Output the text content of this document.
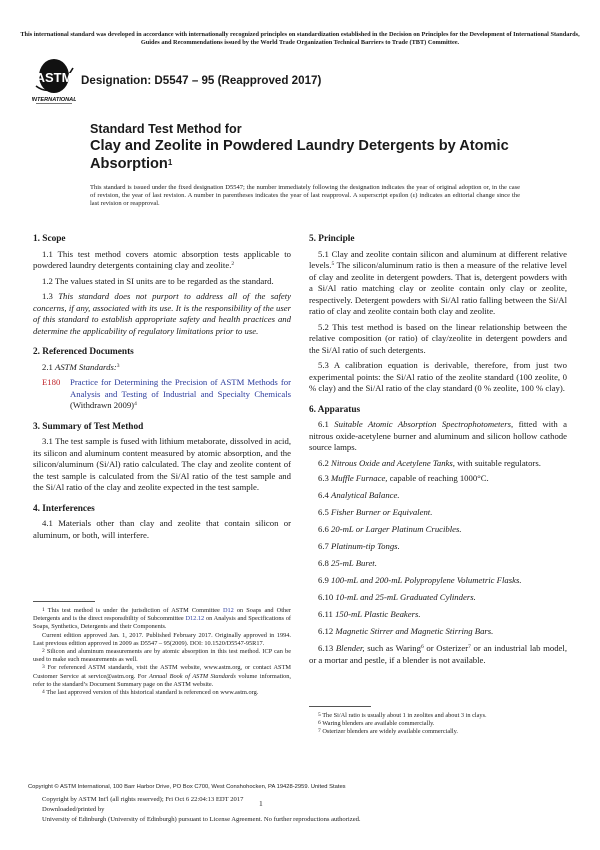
This international standard was developed in accordance with internationally recognized principles on standardization established in the Decision on Principles for the Development of International Standards, Guides and Recommendations issued by the World Trade Organization Technical Barriers to Trade (TBT) Committee.
ASTM
INTERNATIONAL
Designation: D5547 – 95 (Reapproved 2017)
Standard Test Method for
Clay and Zeolite in Powdered Laundry Detergents by Atomic Absorption$^1$
This standard is issued under the fixed designation D5547; the number immediately following the designation indicates the year of original adoption or, in the case of revision, the year of last revision. A number in parentheses indicates the year of last reapproval. A superscript epsilon (ε) indicates an editorial change since the last revision or reapproval.
1. Scope

1.1 This test method covers atomic absorption tests applicable to powdered laundry detergents containing clay and zeolite.$^2$

1.2 The values stated in SI units are to be regarded as the standard.

1.3 This standard does not purport to address all of the safety concerns, if any, associated with its use. It is the responsibility of the user of this standard to establish appropriate safety and health practices and determine the applicability of regulatory limitations prior to use.

2. Referenced Documents

2.1 ASTM Standards:$^3$

E180	Practice for Determining the Precision of ASTM Methods for Analysis and Testing of Industrial and Specialty Chemicals (Withdrawn 2009)$^4$
3. Summary of Test Method

3.1 The test sample is fused with lithium metaborate, dissolved in acid, its silicon and aluminum content measured by atomic absorption, and the silicon/aluminum (Si/Al) ratio calculated. The clay and zeolite content of the test sample is calculated from the Si/Al ratio of the test sample and the Si/Al ratio of the clay and zeolite expected in the test sample.

4. Interferences

4.1 Materials other than clay and zeolite that contain silicon or aluminum, or both, will interfere.

$^1$ This test method is under the jurisdiction of ASTM Committee D12 on Soaps and Other Detergents and is the direct responsibility of Subcommittee D12.12 on Analysis and Specifications of Soaps, Synthetics, Detergents and their Components.

Current edition approved Jan. 1, 2017. Published February 2017. Originally approved in 1994. Last previous edition approved in 2009 as D5547 – 95(2009). DOI: 10.1520/D5547-95R17.

$^2$ Silicon and aluminum measurements are by atomic absorption in this test method. ICP can be used to make such measurements as well.

$^3$ For referenced ASTM standards, visit the ASTM website, www.astm.org, or contact ASTM Customer Service at service@astm.org. For Annual Book of ASTM Standards volume information, refer to the standard’s Document Summary page on the ASTM website.

$^4$ The last approved version of this historical standard is referenced on www.astm.org.

5. Principle

5.1 Clay and zeolite contain silicon and aluminum at different relative levels.$^5$ The silicon/aluminum ratio is then a measure of the relative level of clay and zeolite in detergent powders. That is, detergent powders with a Si/Al ratio matching clay or zeolite contain only clay or zeolite, respectively. Detergent powders with Si/Al ratio falling between the Si/Al ratio of clay and zeolite contain both clay and zeolite.

5.2 This test method is based on the linear relationship between the relative composition (or ratio) of clay/zeolite in detergent powders and the Si/Al ratio of such detergents.

5.3 A calibration equation is derivable, therefore, from just two experimental points: the Si/Al ratio of the zeolite standard (100 zeolite, 0 % clay) and the Si/Al ratio of the clay standard (0 % zeolite, 100 % clay).

6. Apparatus

6.1 Suitable Atomic Absorption Spectrophotometers, fitted with a nitrous oxide-acetylene burner and aluminum and silicon hollow cathode source lamps.

6.2 Nitrous Oxide and Acetylene Tanks, with suitable regulators.

6.3 Muffle Furnace, capable of reaching 1000°C.

6.4 Analytical Balance.
6.5 Fisher Burner or Equivalent.
6.6 20-mL or Larger Platinum Crucibles.
6.7 Platinum-tip Tongs.
6.8 25-mL Buret.
6.9 100-mL and 200-mL Polypropylene Volumetric Flasks.
6.10 10-mL and 25-mL Graduated Cylinders.
6.11 150-mL Plastic Beakers.
6.12 Magnetic Stirrer and Magnetic Stirring Bars.

6.13 Blender, such as Waring$^6$ or Osterizer$^7$ or an industrial lab model, or a mortar and pestle, if a blender is not available.

$^5$ The Si/Al ratio is usually about 1 in zeolites and about 3 in clays.

$^6$ Waring blenders are available commercially.

$^7$ Osterizer blenders are widely available commercially.

Copyright © ASTM International, 100 Barr Harbor Drive, PO Box C700, West Conshohocken, PA 19428-2959. United States
Copyright by ASTM Int'l (all rights reserved); Fri Oct 6 22:04:13 EDT 2017
Downloaded/printed by
University of Edinburgh (University of Edinburgh) pursuant to License Agreement. No further reproductions authorized.
1
